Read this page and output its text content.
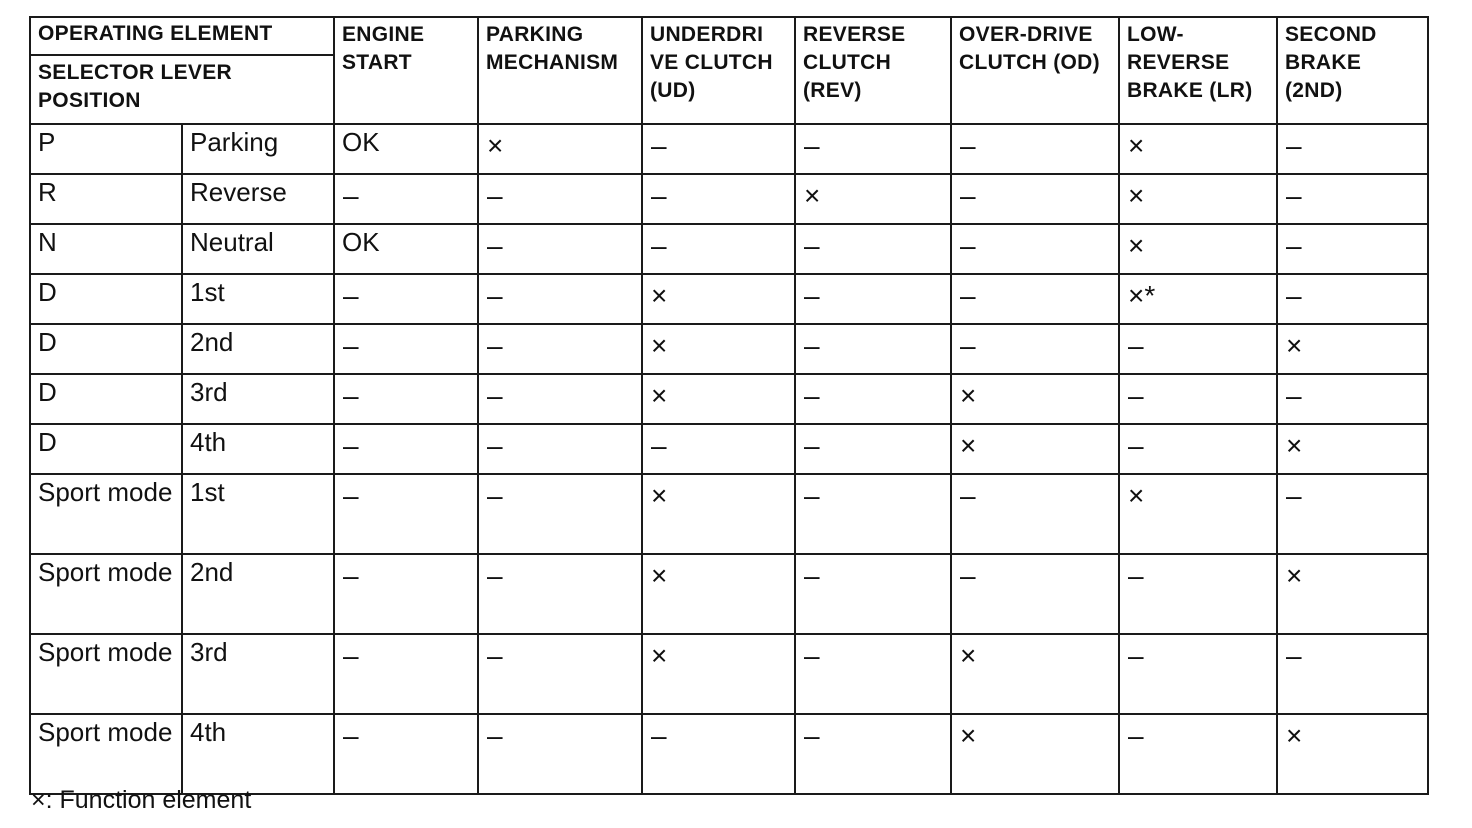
OPERATING ELEMENT		ENGINE START	PARKING MECHANISM	UNDERDRI VE CLUTCH (UD)	REVERSE CLUTCH (REV)	OVER-DRIVE CLUTCH (OD)	LOW-REVERSE BRAKE (LR)	SECOND BRAKE (2ND)
SELECTOR LEVER POSITION								
P	Parking	OK	×	–	–	–	×	–
R	Reverse	–	–	–	×	–	×	–
N	Neutral	OK	–	–	–	–	×	–
D	1st	–	–	×	–	–	×*	–
D	2nd	–	–	×	–	–	–	×
D	3rd	–	–	×	–	×	–	–
D	4th	–	–	–	–	×	–	×
Sport mode	1st	–	–	×	–	–	×	–
Sport mode	2nd	–	–	×	–	–	–	×
Sport mode	3rd	–	–	×	–	×	–	–
Sport mode	4th	–	–	–	–	×	–	×
×: Function element
